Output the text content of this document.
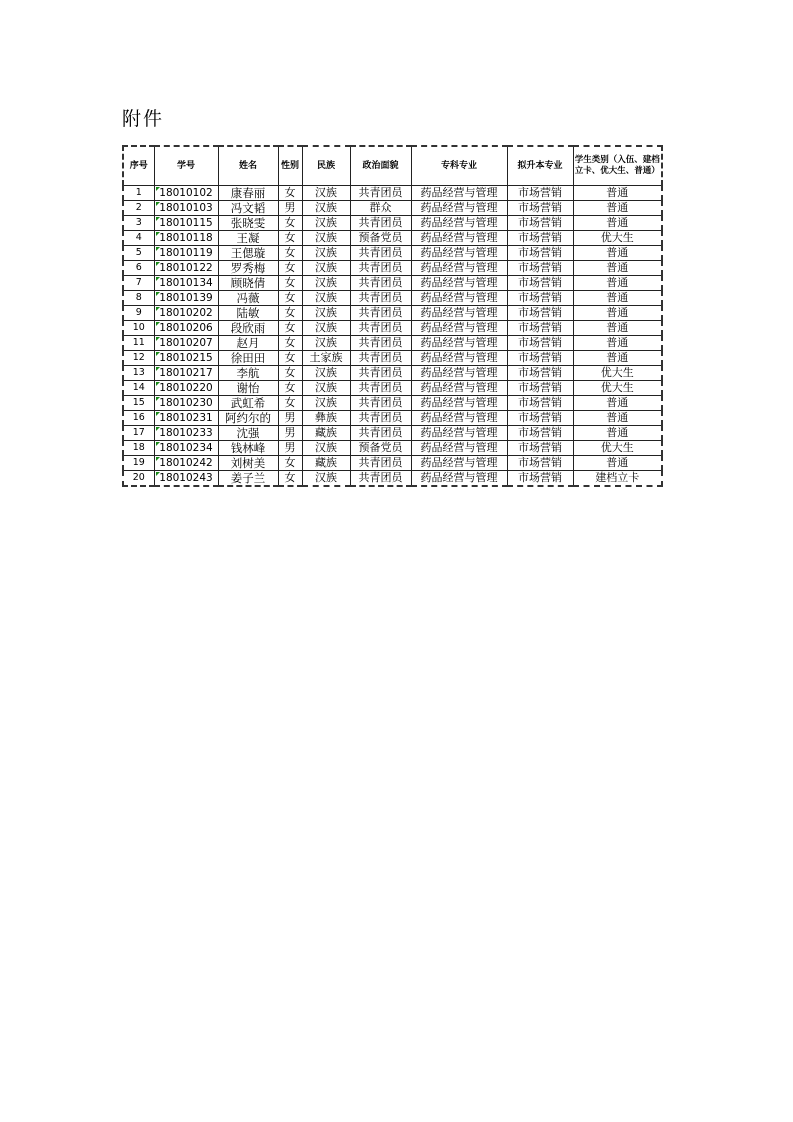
附件
序号	学号	姓名	性别	民族	政治面貌	专科专业	拟升本专业	学生类别（入伍、建档立卡、优大生、普通）
1	18010102	康春丽	女	汉族	共青团员	药品经营与管理	市场营销	普通
2	18010103	冯文韬	男	汉族	群众	药品经营与管理	市场营销	普通
3	18010115	张晓雯	女	汉族	共青团员	药品经营与管理	市场营销	普通
4	18010118	王凝	女	汉族	预备党员	药品经营与管理	市场营销	优大生
5	18010119	王偲璇	女	汉族	共青团员	药品经营与管理	市场营销	普通
6	18010122	罗秀梅	女	汉族	共青团员	药品经营与管理	市场营销	普通
7	18010134	顾晓倩	女	汉族	共青团员	药品经营与管理	市场营销	普通
8	18010139	冯薇	女	汉族	共青团员	药品经营与管理	市场营销	普通
9	18010202	陆敏	女	汉族	共青团员	药品经营与管理	市场营销	普通
10	18010206	段欣雨	女	汉族	共青团员	药品经营与管理	市场营销	普通
11	18010207	赵月	女	汉族	共青团员	药品经营与管理	市场营销	普通
12	18010215	徐田田	女	土家族	共青团员	药品经营与管理	市场营销	普通
13	18010217	李航	女	汉族	共青团员	药品经营与管理	市场营销	优大生
14	18010220	谢怡	女	汉族	共青团员	药品经营与管理	市场营销	优大生
15	18010230	武虹希	女	汉族	共青团员	药品经营与管理	市场营销	普通
16	18010231	阿约尔的	男	彝族	共青团员	药品经营与管理	市场营销	普通
17	18010233	沈强	男	藏族	共青团员	药品经营与管理	市场营销	普通
18	18010234	钱林峰	男	汉族	预备党员	药品经营与管理	市场营销	优大生
19	18010242	刘树美	女	藏族	共青团员	药品经营与管理	市场营销	普通
20	18010243	姜子兰	女	汉族	共青团员	药品经营与管理	市场营销	建档立卡
